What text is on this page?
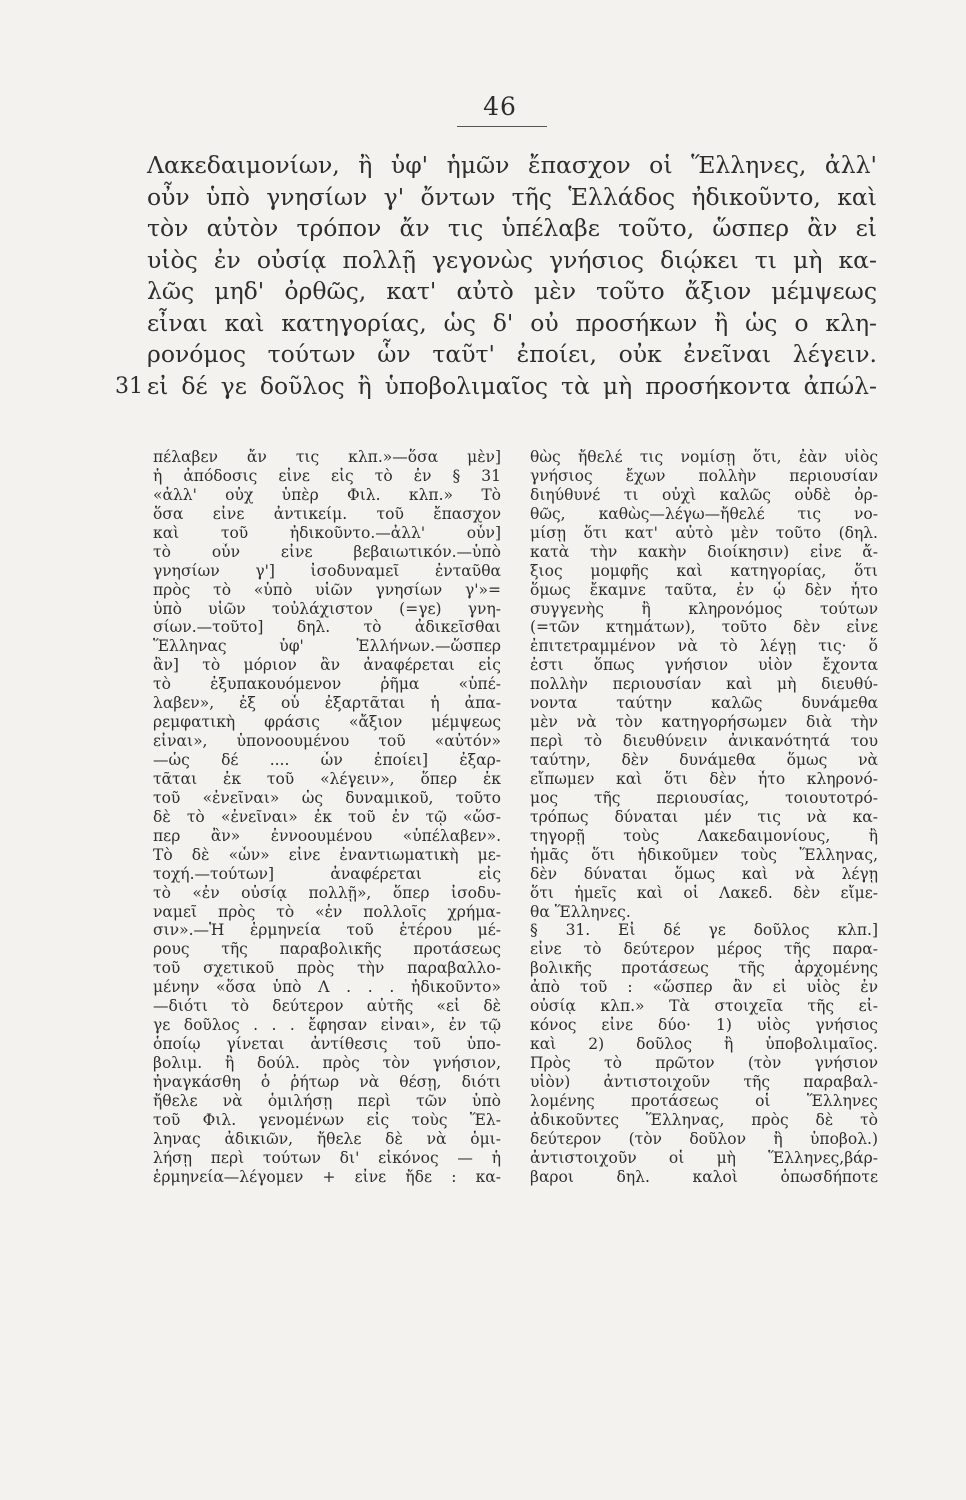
46
Λακεδαιμονίων, ἢ ὑφ' ἡμῶν ἔπασχον οἱ Ἕλληνες, ἀλλ'
οὖν ὑπὸ γνησίων γ' ὄντων τῆς Ἑλλάδος ἠδικοῦντο, καὶ
τὸν αὐτὸν τρόπον ἄν τις ὑπέλαβε τοῦτο, ὥσπερ ἂν εἰ
υἱὸς ἐν οὐσίᾳ πολλῇ γεγονὼς γνήσιος διῴκει τι μὴ κα-
λῶς μηδ' ὀρθῶς, κατ' αὐτὸ μὲν τοῦτο ἄξιον μέμψεως
εἶναι καὶ κατηγορίας, ὡς δ' οὐ προσήκων ἢ ὡς ο κλη-
ρονόμος τούτων ὧν ταῦτ' ἐποίει, οὐκ ἐνεῖναι λέγειν.
εἰ δέ γε δοῦλος ἢ ὑποβολιμαῖος τὰ μὴ προσήκοντα ἀπώλ-
31
πέλαβεν ἄν τις κλπ.»—ὅσα μὲν]
ἡ ἀπόδοσις εἶνε εἰς τὸ ἐν § 31
«ἀλλ' οὐχ ὑπὲρ Φιλ. κλπ.» Τὸ
ὅσα εἶνε ἀντικείμ. τοῦ ἔπασχον
καὶ τοῦ ἠδικοῦντο.—ἀλλ' οὖν]
τὸ οὖν εἶνε βεβαιωτικόν.—ὑπὸ
γνησίων γ'] ἰσοδυναμεῖ ἐνταῦθα
πρὸς τὸ «ὑπὸ υἱῶν γνησίων γ'»=
ὑπὸ υἱῶν τοὐλάχιστον (=γε) γνη-
σίων.—τοῦτο] δηλ. τὸ ἀδικεῖσθαι
Ἕλληνας ὑφ' Ἑλλήνων.—ὥσπερ
ἂν] τὸ μόριον ἂν ἀναφέρεται εἰς
τὸ ἐξυπακουόμενον ῥῆμα «ὑπέ-
λαβεν», ἐξ οὗ ἐξαρτᾶται ἡ ἀπα-
ρεμφατικὴ φράσις «ἄξιον μέμψεως
εἶναι», ὑπονοουμένου τοῦ «αὐτόν»
—ὡς δέ .... ὧν ἐποίει] ἐξαρ-
τᾶται ἐκ τοῦ «λέγειν», ὅπερ ἐκ
τοῦ «ἐνεῖναι» ὡς δυναμικοῦ, τοῦτο
δὲ τὸ «ἐνεῖναι» ἐκ τοῦ ἐν τῷ «ὥσ-
περ ἂν» ἐννοουμένου «ὑπέλαβεν».
Τὸ δὲ «ὧν» εἶνε ἐναντιωματικὴ με-
τοχή.—τούτων] ἀναφέρεται εἰς
τὸ «ἐν οὐσίᾳ πολλῇ», ὅπερ ἰσοδυ-
ναμεῖ πρὸς τὸ «ἐν πολλοῖς χρήμα-
σιν».—Ἡ ἑρμηνεία τοῦ ἑτέρου μέ-
ρους τῆς παραβολικῆς προτάσεως
τοῦ σχετικοῦ πρὸς τὴν παραβαλλο-
μένην «ὅσα ὑπὸ Λ . . . ἠδικοῦντο»
—διότι τὸ δεύτερον αὐτῆς «εἰ δὲ
γε δοῦλος . . . ἔφησαν εἶναι», ἐν τῷ
ὁποίῳ γίνεται ἀντίθεσις τοῦ ὑπο-
βολιμ. ἢ δούλ. πρὸς τὸν γνήσιον,
ἠναγκάσθη ὁ ῥήτωρ νὰ θέσῃ, διότι
ἤθελε νὰ ὁμιλήσῃ περὶ τῶν ὑπὸ
τοῦ Φιλ. γενομένων εἰς τοὺς Ἕλ-
ληνας ἀδικιῶν, ἤθελε δὲ νὰ ὁμι-
λήσῃ περὶ τούτων δι' εἰκόνος — ἡ
ἑρμηνεία—λέγομεν + εἶνε ἤδε : κα-
θὼς ἤθελέ τις νομίσῃ ὅτι, ἐὰν υἱὸς
γνήσιος ἔχων πολλὴν περιουσίαν
διηύθυνέ τι οὐχὶ καλῶς οὐδὲ ὀρ-
θῶς, καθὼς—λέγω—ἤθελέ τις νο-
μίσῃ ὅτι κατ' αὐτὸ μὲν τοῦτο (δηλ.
κατὰ τὴν κακὴν διοίκησιν) εἶνε ἄ-
ξιος μομφῆς καὶ κατηγορίας, ὅτι
ὅμως ἔκαμνε ταῦτα, ἐν ᾧ δὲν ἦτο
συγγενὴς ἢ κληρονόμος τούτων
(=τῶν κτημάτων), τοῦτο δὲν εἶνε
ἐπιτετραμμένον νὰ τὸ λέγῃ τις· ὅ
ἐστι ὅπως γνήσιον υἱὸν ἔχοντα
πολλὴν περιουσίαν καὶ μὴ διευθύ-
νοντα ταύτην καλῶς δυνάμεθα
μὲν νὰ τὸν κατηγορήσωμεν διὰ τὴν
περὶ τὸ διευθύνειν ἀνικανότητά του
ταύτην, δὲν δυνάμεθα ὅμως νὰ
εἴπωμεν καὶ ὅτι δὲν ἦτο κληρονό-
μος τῆς περιουσίας, τοιουτοτρό-
τρόπως δύναται μέν τις νὰ κα-
τηγορῇ τοὺς Λακεδαιμονίους, ἢ
ἡμᾶς ὅτι ἠδικοῦμεν τοὺς Ἕλληνας,
δὲν δύναται ὅμως καὶ νὰ λέγῃ
ὅτι ἡμεῖς καὶ οἱ Λακεδ. δὲν εἴμε-
θα Ἕλληνες.
§ 31. Εἰ δέ γε δοῦλος κλπ.]
εἶνε τὸ δεύτερον μέρος τῆς παρα-
βολικῆς προτάσεως τῆς ἀρχομένης
ἀπὸ τοῦ : «ὥσπερ ἂν εἰ υἱὸς ἐν
οὐσίᾳ κλπ.» Τὰ στοιχεῖα τῆς εἰ-
κόνος εἶνε δύο· 1) υἱὸς γνήσιος
καὶ 2) δοῦλος ἢ ὑποβολιμαῖος.
Πρὸς τὸ πρῶτον (τὸν γνήσιον
υἱὸν) ἀντιστοιχοῦν τῆς παραβαλ-
λομένης προτάσεως οἱ Ἕλληνες
ἀδικοῦντες Ἕλληνας, πρὸς δὲ τὸ
δεύτερον (τὸν δοῦλον ἢ ὑποβολ.)
ἀντιστοιχοῦν οἱ μὴ Ἕλληνες,βάρ-
βαροι δηλ. καλοὶ ὁπωσδήποτε
